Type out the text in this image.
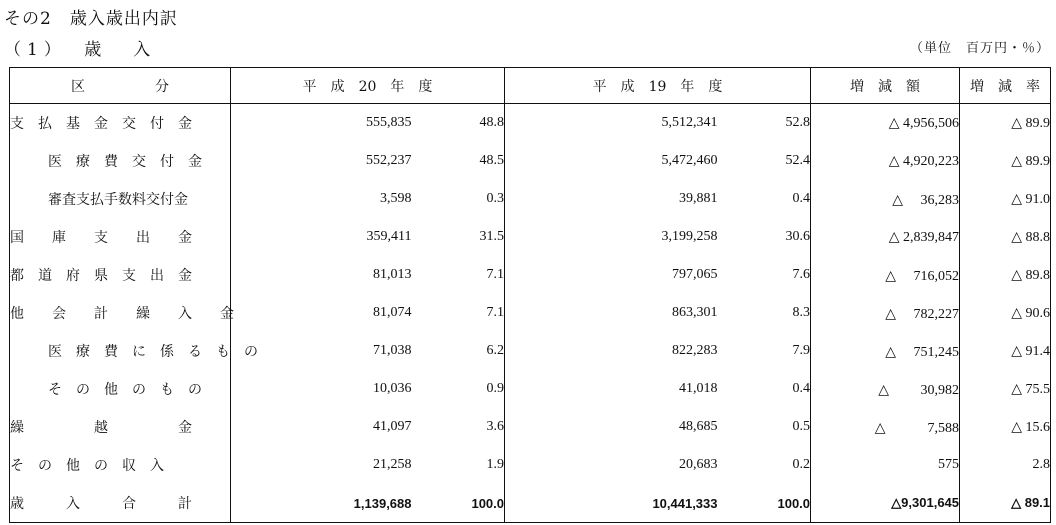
その2　歳入歳出内訳
（1） 歳入	（単位　百万円・％）
区　　　　　分	平　成　20　年　度		平　成　19　年　度		増　減　額	増　減　率
支　払　基　金　交　付　金	555,835	48.8	5,512,341	52.8	△ 4,956,506	△ 89.9
医　療　費　交　付　金	552,237	48.5	5,472,460	52.4	△ 4,920,223	△ 89.9
審査支払手数料交付金	3,598	0.3	39,881	0.4	△　 36,283	△ 91.0
国　　庫　　支　　出　　金	359,411	31.5	3,199,258	30.6	△ 2,839,847	△ 88.8
都　道　府　県　支　出　金	81,013	7.1	797,065	7.6	△　 716,052	△ 89.8
他　　会　　計　　繰　　入　　金	81,074	7.1	863,301	8.3	△　 782,227	△ 90.6
医　療　費　に　係　る　も　の	71,038	6.2	822,283	7.9	△　 751,245	△ 91.4
そ　の　他　の　も　の	10,036	0.9	41,018	0.4	△　　 30,982	△ 75.5
繰　　　　　越　　　　　金	41,097	3.6	48,685	0.5	△　　　7,588	△ 15.6
そ　の　他　の　収　入	21,258	1.9	20,683	0.2	575	2.8
歳　　　入　　　合　　　計	1,139,688	100.0	10,441,333	100.0	△9,301,645	△ 89.1
